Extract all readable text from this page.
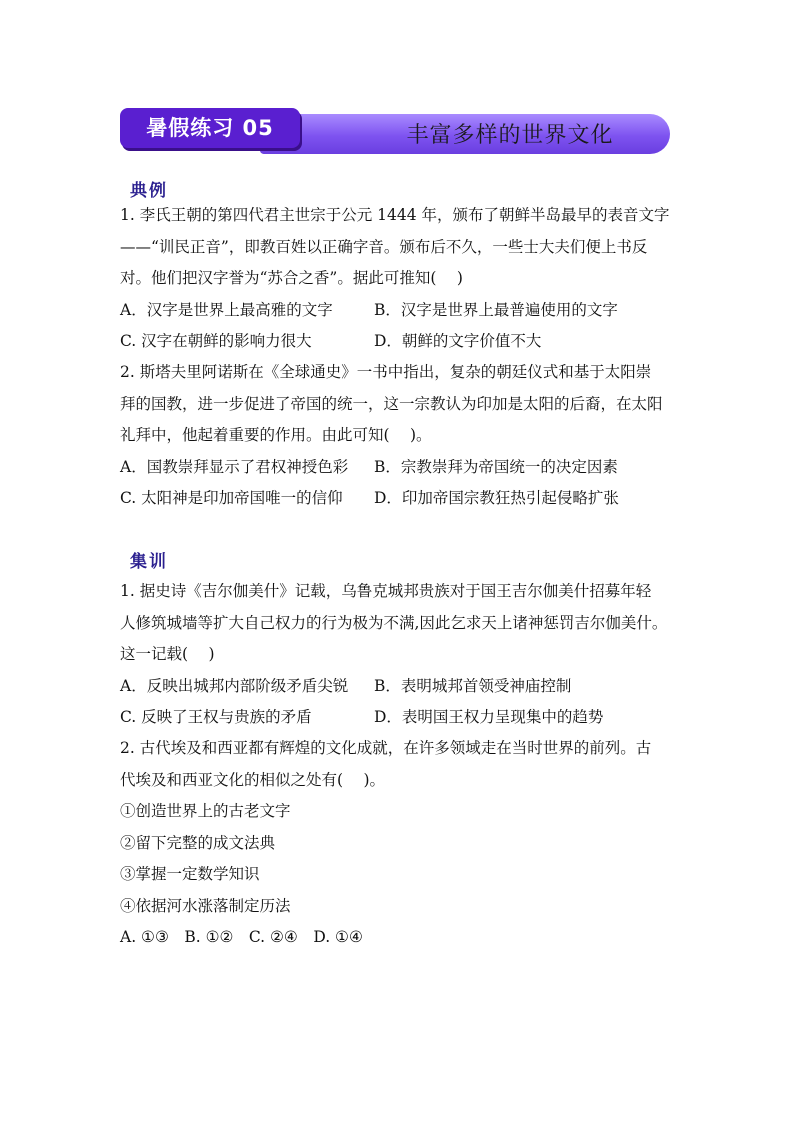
暑假练习 05	丰富多样的世界文化
典例
1. 李氏王朝的第四代君主世宗于公元 1444 年，颁布了朝鲜半岛最早的表音文字
——“训民正音”，即教百姓以正确字音。颁布后不久，一些士大夫们便上书反
对。他们把汉字誉为“苏合之香”。据此可推知(　 )
A．汉字是世界上最高雅的文字	B．汉字是世界上最普遍使用的文字
C. 汉字在朝鲜的影响力很大	D．朝鲜的文字价值不大
2. 斯塔夫里阿诺斯在《全球通史》一书中指出，复杂的朝廷仪式和基于太阳崇
拜的国教，进一步促进了帝国的统一，这一宗教认为印加是太阳的后裔，在太阳
礼拜中，他起着重要的作用。由此可知(　 )。
A．国教崇拜显示了君权神授色彩 B．宗教崇拜为帝国统一的决定因素
C. 太阳神是印加帝国唯一的信仰 D．印加帝国宗教狂热引起侵略扩张
集训
1. 据史诗《吉尔伽美什》记载，乌鲁克城邦贵族对于国王吉尔伽美什招募年轻
人修筑城墙等扩大自己权力的行为极为不满,因此乞求天上诸神惩罚吉尔伽美什。
这一记载(　 )
A．反映出城邦内部阶级矛盾尖锐 B．表明城邦首领受神庙控制
C. 反映了王权与贵族的矛盾	D．表明国王权力呈现集中的趋势
2. 古代埃及和西亚都有辉煌的文化成就，在许多领域走在当时世界的前列。古
代埃及和西亚文化的相似之处有(　 )。
①创造世界上的古老文字
②留下完整的成文法典
③掌握一定数学知识
④依据河水涨落制定历法
A. ①③　B. ①②　C. ②④　D. ①④
